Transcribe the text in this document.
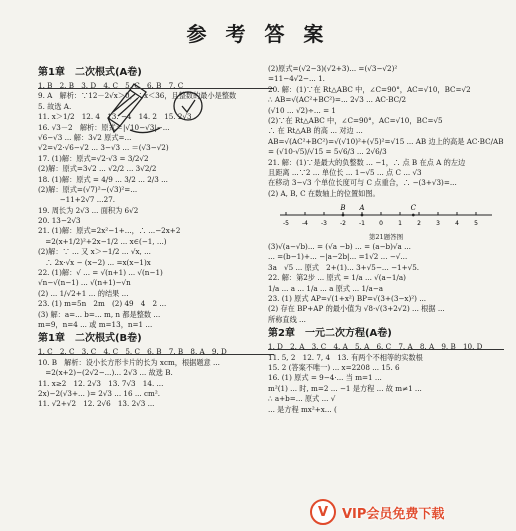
参 考 答 案
第1章　二次根式(A卷)
1. B　2. B　3. D　4. C　5. C　6. B　7. C
9. A　解析：∵12－2√x＞0，∴x＜36，且整数的最小是整数
5. 故选 A.
11. x＞1/2　12. 4　13. −4　14. 2　15. 2√3
16. √3－2　解析：原式＝|√10−√3|−...
√6−√3 ... 解：3√2 原式=...
√2=√2·√6−√2 ... 3−√3 ... ＝(√3−√2)
17. (1)解：原式=√2·√3 = 3/2√2
(2)解：原式=3√2 ... √2/2 ... 3√2/2
18. (1)解：原式 = 4/9 ... 3/2 ... 2/3 ...
(2)解：原式=(√7)²−(√3)²=...
　　　−11+2√7 ...27.
19. 周长为 2√3 ... 面积为 6√2
20. 13−2√3
21. (1)解：原式=2x²−1+...，∴ ...−2x+2
　=2(x+1/2)²+2x−1/2 ... x∈(−1, ...)
(2)解：∵ ... 又 x＞−1/2 ... √x, ...
　∴ 2x·√x − (x−2) ... =x(x−1)x
22. (1)解：√ ... = √(n+1) ... √(n−1)
√n−√(n−1) ... √(n+1)−√n
(2) ... 1/√2+1 ... 的结果 ...
23. (1) m=5n　2m　(2) 49　4　2 ...
(3) 解：a=... b=... m, n 都是整数 ...
m=9，n=4 ... 或 m=13，n=1 ...
第1章　二次根式(B卷)
1. C　2. C　3. C　4. C　5. C　6. B　7. B　8. A　9. D
10. B　解析：设小长方形卡片的长为 xcm，根据题意 ...
　=2(x+2)−(2√2−...)... 2√3 ... 故选 B.
11. x≥2　12. 2√3　13. 7√3　14. ...
2x)−2(√3+... )= 2√3 ... 16 ... cm².
11. √2+√2　12. 2√6　13. 2√3 ...
(2)原式=(√2−3)(√2+3)... =(√3−√2)²
=11−4√2−... 1.
20. 解：(1)∵在 Rt△ABC 中，∠C=90°，AC=√10，BC=√2
∴ AB=√(AC²+BC²)=... 2√3 ... AC·BC/2
(√10 ... √2)÷... = 1
(2)∵在 Rt△ABC 中，∠C=90°，AC=√10，BC=√5
∴ 在 Rt△AB 的高 ... 对边 ...
AB=√(AC²+BC²)=√(√10)²+(√5)²=√15 ... AB 边上的高是 AC·BC/AB
= (√10·√5)/√15 = 5√6/3 ... 2√6/3
21. 解：(1)∵是最大的负整数 ... −1，∴ 点 B 在点 A 的左边
且距离 ...∵2 ... 单位长 ... 1−√5 ... 点 C ... √3
在移动 3−√3 个单位长度可与 C 点重合，∴ −(3+√3)=...
(2) A, B, C 在数轴上的位置如图。
-5 -4 -3 -2 -1 0	1	2	3	4	5
B A	C
第21题答图
(3)√(a−√b)... = (√a −b) ... = (a−b)√a ...
... =(b−1)+... −|a−2b|... =1√2 ... −√...
3a　√5 ... 原式　2+(1)... 3+√5−... −1+√5.
22. 解：第2步 ... 原式 = 1/a ... √(a−1/a)
1/a ... a ... 1/a ... a 原式 ... 1/a−a
23. (1) 原式 AP=√(1+x²) BP=√(3+(3−x)²) ...
(2) 存在 BP+AP 的最小值为 √8·√(3+2√2) ... 根据 ...
所称直线 ...
第2章　一元二次方程(A卷)
1. D　2. A　3. C　4. A　5. A　6. C　7. A　8. A　9. B　10. D
11. 5, 2　12. 7, 4　13. 有两个不相等的实数根
15. 2 (答案不唯一) ... x=2208 ... 15. 6
16. (1) 原式 = 9−4·... 当 m=1 ...
m²(1) ... 时, m=2 ... −1 是方程 ... 故 m≠1 ...
∴ a+b=... 原式 ... √
... 是方程 mx²+x... (
V	VIP会员免费下载
